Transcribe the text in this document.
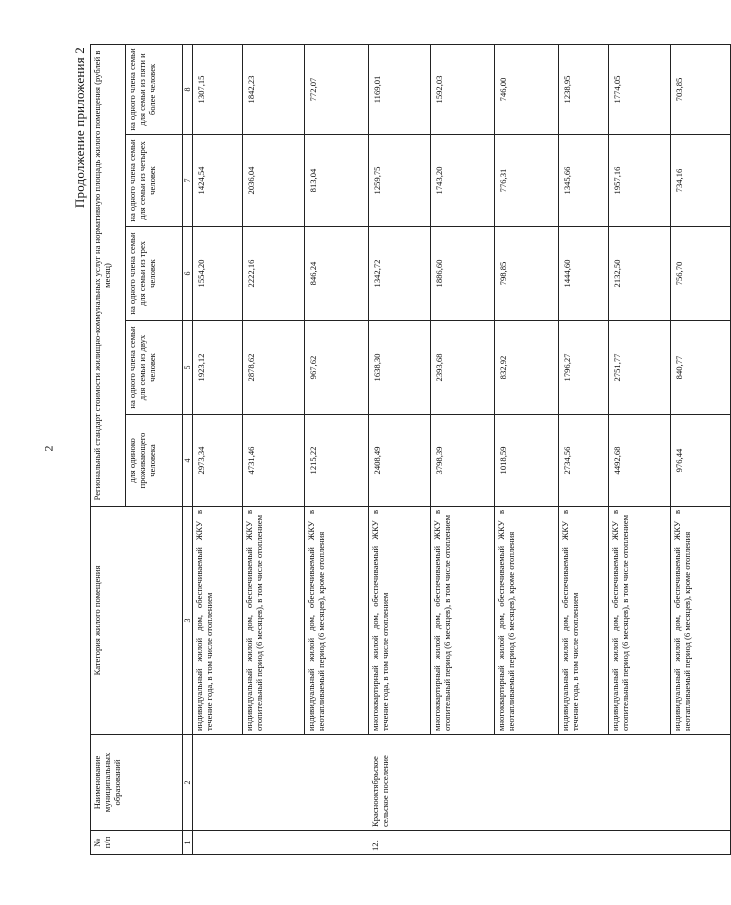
2
Продолжение приложения 2
№ п/п	Наименование муниципальных образований	Категория жилого помещения	Региональный стандарт стоимости жилищно-коммунальных услуг на нормативную площадь жилого помещения (рублей в месяц)				
			для одиноко проживающего человека	на одного члена семьи для семьи из двух человек	на одного члена семьи для семьи из трех человек	на одного члена семьи для семьи из четырех человек	на одного члена семьи для семьи из пяти и более человек
1	2	3	4	5	6	7	8
		индивидуальный жилой дом, обеспечиваемый ЖКУ в течение года, в том числе отоплением	2973,34	1923,12	1554,20	1424,54	1307,15
		индивидуальный жилой дом, обеспечиваемый ЖКУ в отопительный период (6 месяцев), в том числе отоплением	4731,46	2878,62	2222,16	2036,04	1842,23
		индивидуальный жилой дом, обеспечиваемый ЖКУ в неотапливаемый период (6 месяцев), кроме отопления	1215,22	967,62	846,24	813,04	772,07
12.	Краснооктябрьское сельское поселение	многоквартирный жилой дом, обеспечиваемый ЖКУ в течение года, в том числе отоплением	2408,49	1638,30	1342,72	1259,75	1169,01
		многоквартирный жилой дом, обеспечиваемый ЖКУ в отопительный период (6 месяцев), в том числе отоплением	3798,39	2393,68	1886,60	1743,20	1592,03
		многоквартирный жилой дом, обеспечиваемый ЖКУ в неотапливаемый период (6 месяцев), кроме отопления	1018,59	832,92	798,85	776,31	746,00
		индивидуальный жилой дом, обеспечиваемый ЖКУ в течение года, в том числе отоплением	2734,56	1796,27	1444,60	1345,66	1238,95
		индивидуальный жилой дом, обеспечиваемый ЖКУ в отопительный период (6 месяцев), в том числе отоплением	4492,68	2751,77	2132,50	1957,16	1774,05
		индивидуальный жилой дом, обеспечиваемый ЖКУ в неотапливаемый период (6 месяцев), кроме отопления	976,44	840,77	756,70	734,16	703,85
